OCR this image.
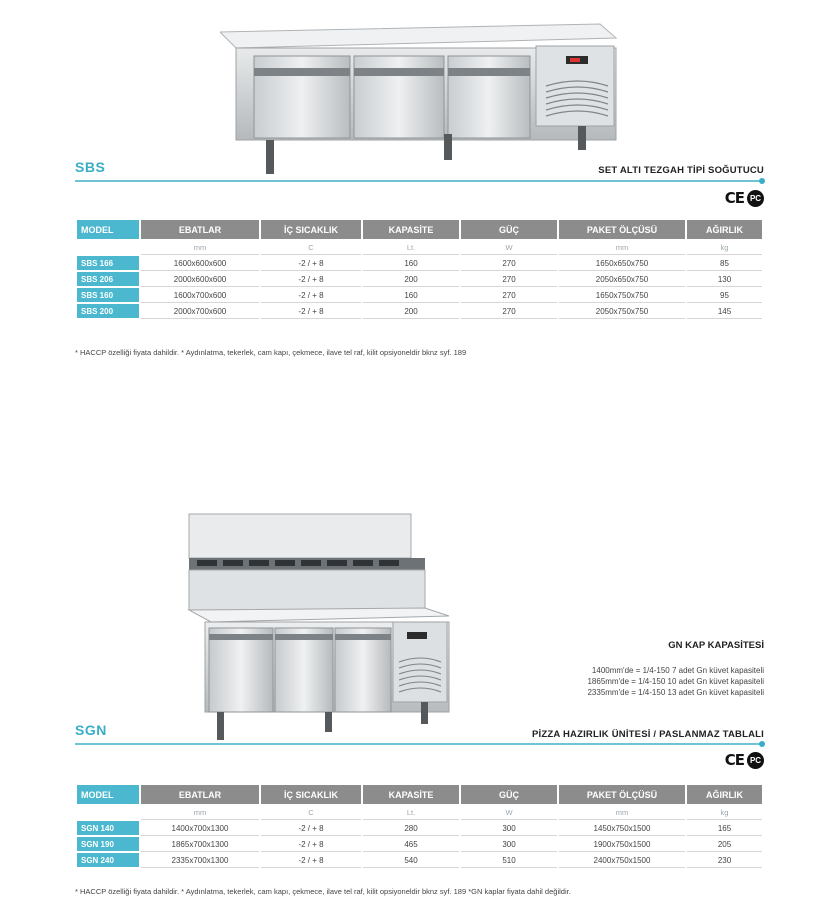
SBS	SET ALTI TEZGAH TİPİ SOĞUTUCU
CE PC
MODEL	EBATLAR	İÇ SICAKLIK	KAPASİTE	GÜÇ	PAKET ÖLÇÜSÜ	AĞIRLIK
	mm	C	Lt.	W	mm	kg
SBS 166	1600x600x600	-2 / + 8	160	270	1650x650x750	85
SBS 206	2000x600x600	-2 / + 8	200	270	2050x650x750	130
SBS 160	1600x700x600	-2 / + 8	160	270	1650x750x750	95
SBS 200	2000x700x600	-2 / + 8	200	270	2050x750x750	145
* HACCP özelliği fiyata dahildir. * Aydınlatma, tekerlek, cam kapı, çekmece, ilave tel raf, kilit opsiyoneldir bknz syf. 189
GN KAP KAPASİTESİ
1400mm'de = 1/4-150 7 adet Gn küvet kapasiteli
1865mm'de = 1/4-150 10 adet Gn küvet kapasiteli
2335mm'de = 1/4-150 13 adet Gn küvet kapasiteli
SGN	PİZZA HAZIRLIK ÜNİTESİ / PASLANMAZ TABLALI
CE PC
MODEL	EBATLAR	İÇ SICAKLIK	KAPASİTE	GÜÇ	PAKET ÖLÇÜSÜ	AĞIRLIK
	mm	C	Lt.	W	mm	kg
SGN 140	1400x700x1300	-2 / + 8	280	300	1450x750x1500	165
SGN 190	1865x700x1300	-2 / + 8	465	300	1900x750x1500	205
SGN 240	2335x700x1300	-2 / + 8	540	510	2400x750x1500	230
* HACCP özelliği fiyata dahildir. * Aydınlatma, tekerlek, cam kapı, çekmece, ilave tel raf, kilit opsiyoneldir bknz syf. 189 *GN kaplar fiyata dahil değildir.
